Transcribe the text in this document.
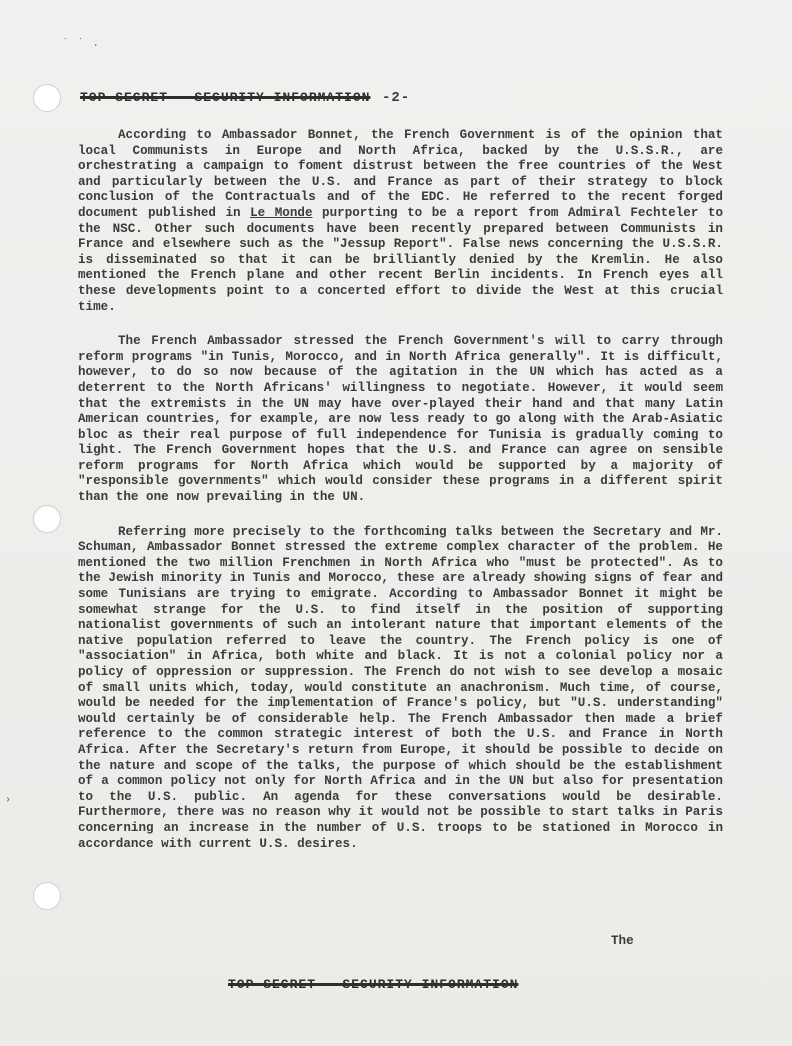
˙ ˙ .
TOP SECRET - SECURITY INFORMATION -2-

According to Ambassador Bonnet, the French Government is of the opinion that local Communists in Europe and North Africa, backed by the U.S.S.R., are orchestrating a campaign to foment distrust between the free countries of the West and particularly between the U.S. and France as part of their strategy to block conclusion of the Contractuals and of the EDC. He referred to the recent forged document published in Le Monde purporting to be a report from Admiral Fechteler to the NSC. Other such documents have been recently prepared between Communists in France and elsewhere such as the "Jessup Report". False news concerning the U.S.S.R. is disseminated so that it can be brilliantly denied by the Kremlin. He also mentioned the French plane and other recent Berlin incidents. In French eyes all these developments point to a concerted effort to divide the West at this crucial time.

The French Ambassador stressed the French Government's will to carry through reform programs "in Tunis, Morocco, and in North Africa generally". It is difficult, however, to do so now because of the agitation in the UN which has acted as a deterrent to the North Africans' willingness to negotiate. However, it would seem that the extremists in the UN may have over-played their hand and that many Latin American countries, for example, are now less ready to go along with the Arab-Asiatic bloc as their real purpose of full independence for Tunisia is gradually coming to light. The French Government hopes that the U.S. and France can agree on sensible reform programs for North Africa which would be supported by a majority of "responsible governments" which would consider these programs in a different spirit than the one now prevailing in the UN.

Referring more precisely to the forthcoming talks between the Secretary and Mr. Schuman, Ambassador Bonnet stressed the extreme complex character of the problem. He mentioned the two million Frenchmen in North Africa who "must be protected". As to the Jewish minority in Tunis and Morocco, these are already showing signs of fear and some Tunisians are trying to emigrate. According to Ambassador Bonnet it might be somewhat strange for the U.S. to find itself in the position of supporting nationalist governments of such an intolerant nature that important elements of the native population referred to leave the country. The French policy is one of "association" in Africa, both white and black. It is not a colonial policy nor a policy of oppression or suppression. The French do not wish to see develop a mosaic of small units which, today, would constitute an anachronism. Much time, of course, would be needed for the implementation of France's policy, but "U.S. understanding" would certainly be of considerable help. The French Ambassador then made a brief reference to the common strategic interest of both the U.S. and France in North Africa. After the Secretary's return from Europe, it should be possible to decide on the nature and scope of the talks, the purpose of which should be the establishment of a common policy not only for North Africa and in the UN but also for presentation to the U.S. public. An agenda for these conversations would be desirable. Furthermore, there was no reason why it would not be possible to start talks in Paris concerning an increase in the number of U.S. troops to be stationed in Morocco in accordance with current U.S. desires.

The
TOP SECRET - SECURITY INFORMATION
›
